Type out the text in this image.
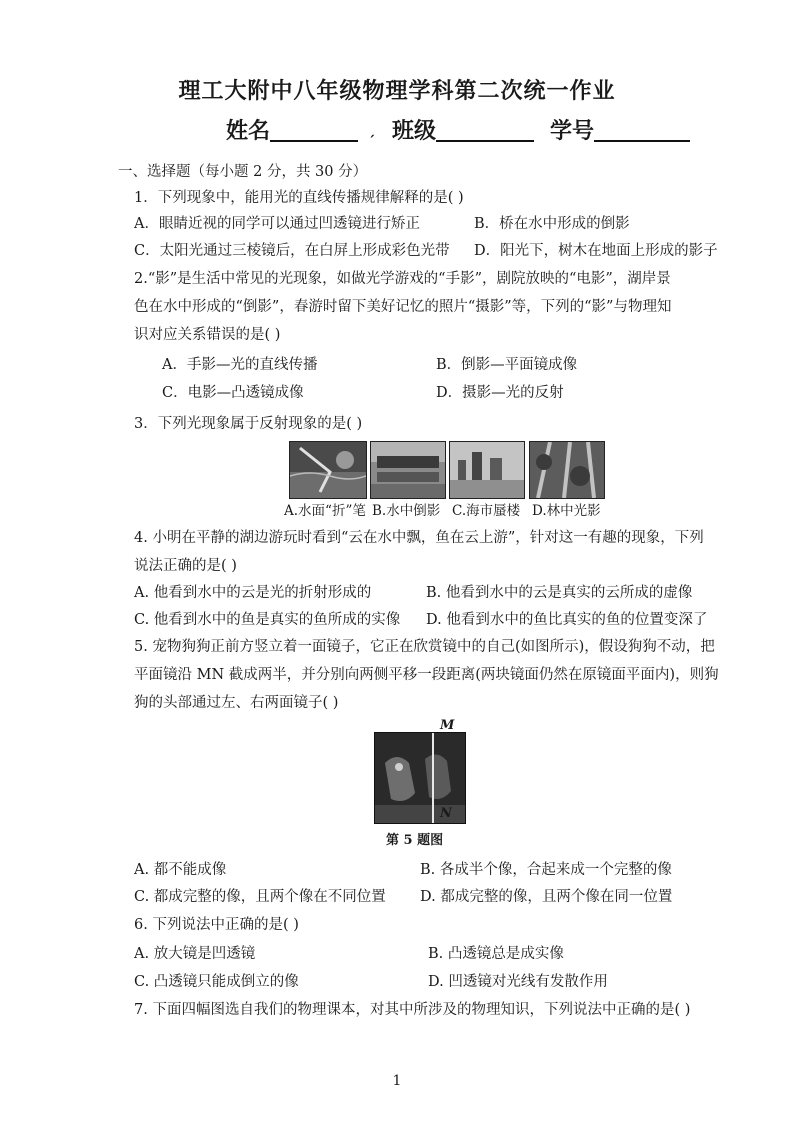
理工大附中八年级物理学科第二次统一作业
姓名	ˏ 班级	学号
一、选择题（每小题 2 分，共 30 分）
1．下列现象中，能用光的直线传播规律解释的是( )
A．眼睛近视的同学可以通过凹透镜进行矫正	B．桥在水中形成的倒影
C．太阳光通过三棱镜后，在白屏上形成彩色光带 D．阳光下，树木在地面上形成的影子
2.“影”是生活中常见的光现象，如做光学游戏的“手影”，剧院放映的“电影”，湖岸景
色在水中形成的“倒影”，春游时留下美好记忆的照片“摄影”等，下列的“影”与物理知
识对应关系错误的是( )
A．手影—光的直线传播	B．倒影—平面镜成像
C．电影—凸透镜成像	D．摄影—光的反射
3．下列光现象属于反射现象的是( )
A.水面“折”笔 B.水中倒影 C.海市蜃楼 D.林中光影
4. 小明在平静的湖边游玩时看到“云在水中飘，鱼在云上游”，针对这一有趣的现象，下列
说法正确的是( )
A. 他看到水中的云是光的折射形成的	B. 他看到水中的云是真实的云所成的虚像
C. 他看到水中的鱼是真实的鱼所成的实像 D. 他看到水中的鱼比真实的鱼的位置变深了
5. 宠物狗狗正前方竖立着一面镜子，它正在欣赏镜中的自己(如图所示)，假设狗狗不动，把
平面镜沿 MN 截成两半，并分别向两侧平移一段距离(两块镜面仍然在原镜面平面内)，则狗
狗的头部通过左、右两面镜子( )
M
N
第 5 题图
A. 都不能成像	B. 各成半个像，合起来成一个完整的像
C. 都成完整的像，且两个像在不同位置 D. 都成完整的像，且两个像在同一位置
6. 下列说法中正确的是( )
A. 放大镜是凹透镜	B. 凸透镜总是成实像
C. 凸透镜只能成倒立的像	D. 凹透镜对光线有发散作用
7. 下面四幅图选自我们的物理课本，对其中所涉及的物理知识，下列说法中正确的是( )
1
